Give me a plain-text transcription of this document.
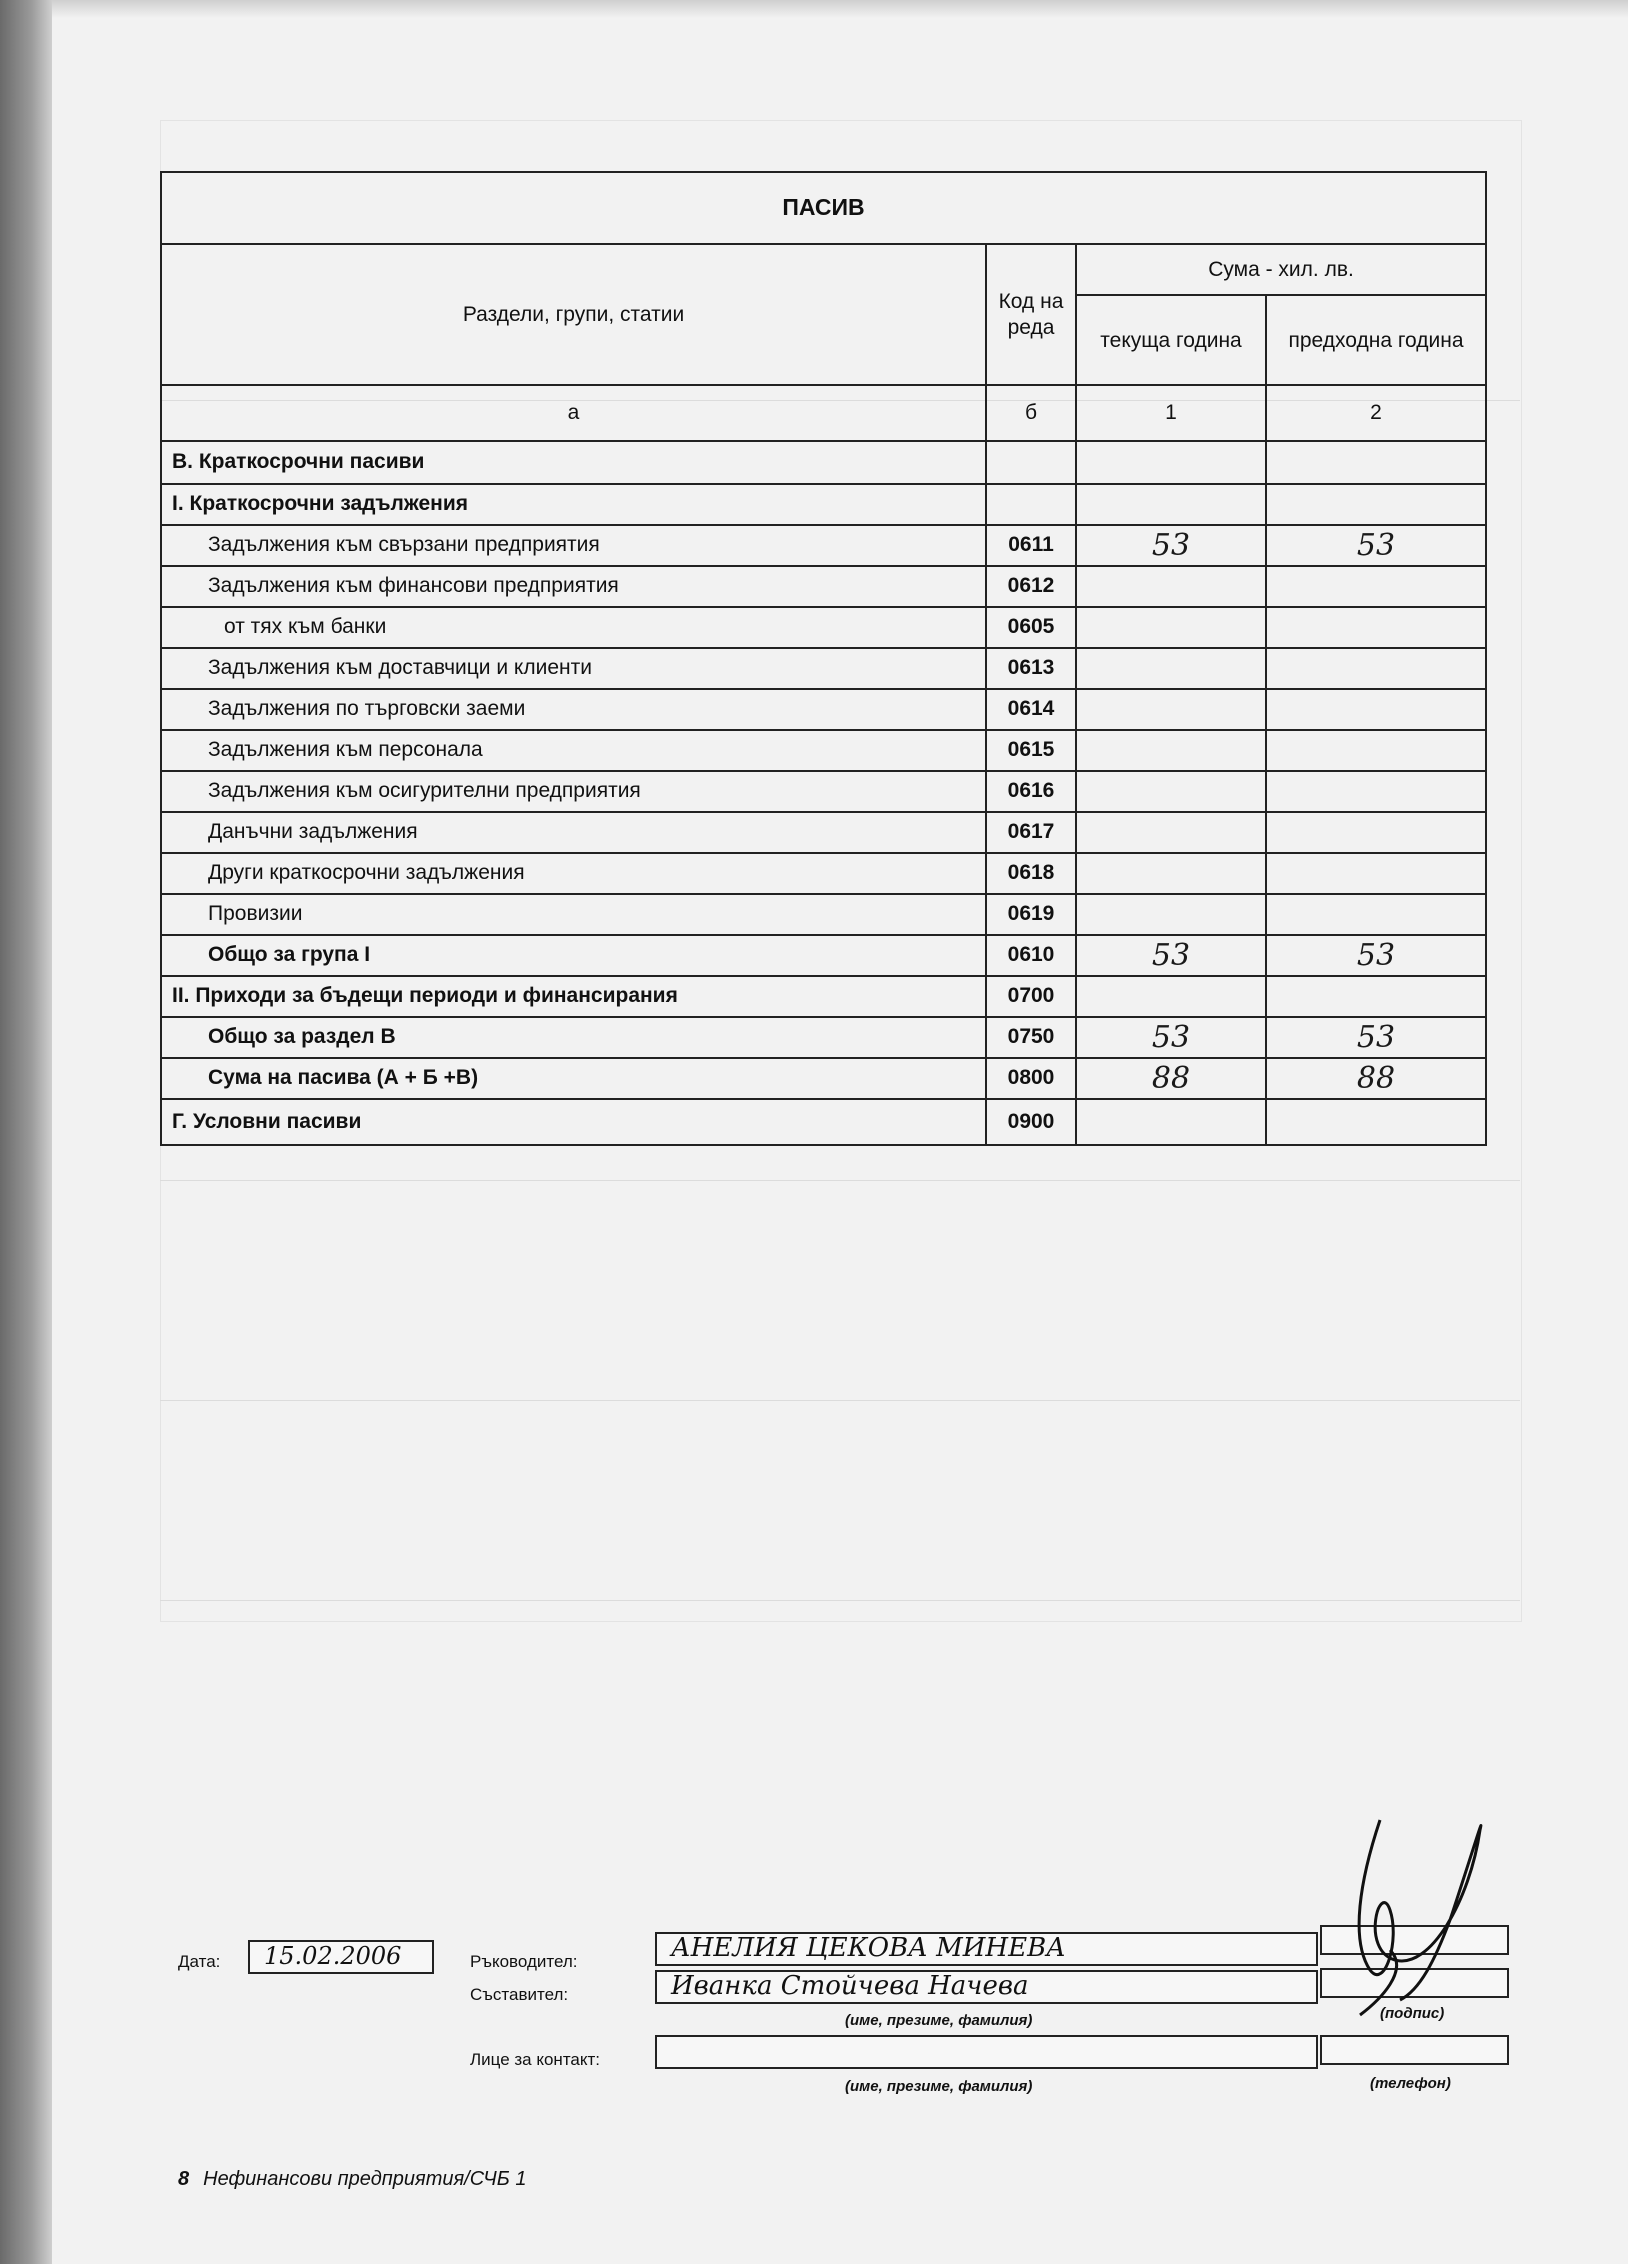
ПАСИВ			
Раздели, групи, статии	Код на реда	Сума - хил. лв.	
		текуща година	предходна година
а	б	1	2
В. Краткосрочни пасиви			
I. Краткосрочни задължения			
Задължения към свързани предприятия	0611	53	53
Задължения към финансови предприятия	0612		
от тях към банки	0605		
Задължения към доставчици и клиенти	0613		
Задължения по търговски заеми	0614		
Задължения към персонала	0615		
Задължения към осигурителни предприятия	0616		
Данъчни задължения	0617		
Други краткосрочни задължения	0618		
Провизии	0619		
Общо за група I	0610	53	53
II. Приходи за бъдещи периоди и финансирания	0700		
Общо за раздел В	0750	53	53
Сума на пасива (А + Б +В)	0800	88	88
Г. Условни пасиви	0900		
Дата:	15.02.2006	Ръководител:	АНЕЛИЯ ЦЕКОВА МИНЕВА
Съставител:	Иванка Стойчева Начева
(име, презиме, фамилия)	(подпис)
Лице за контакт:
(име, презиме, фамилия)	(телефон)
8 Нефинансови предприятия/СЧБ 1
